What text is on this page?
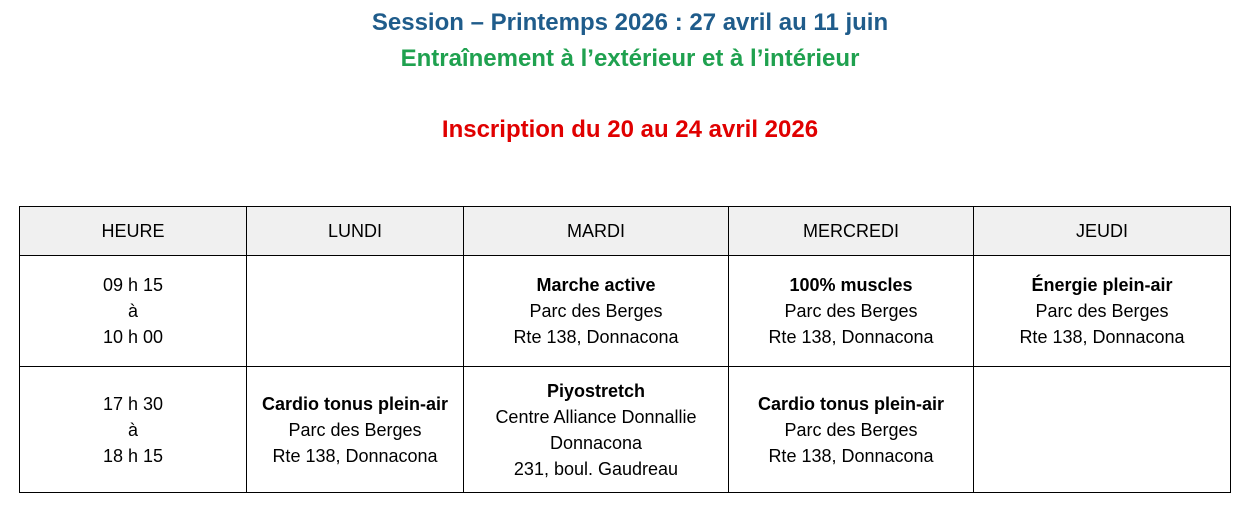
Session – Printemps 2026 : 27 avril au 11 juin
Entraînement à l’extérieur et à l’intérieur
Inscription du 20 au 24 avril 2026
HEURE	LUNDI	MARDI	MERCREDI	JEUDI

09 h 15
à
10 h 00		Marche active
Parc des Berges
Rte 138, Donnacona	100% muscles
Parc des Berges
Rte 138, Donnacona	Énergie plein-air
Parc des Berges
Rte 138, Donnacona

17 h 30
à
18 h 15	Cardio tonus plein-air
Parc des Berges
Rte 138, Donnacona	Piyostretch
Centre Alliance Donnallie
Donnacona
231, boul. Gaudreau	Cardio tonus plein-air
Parc des Berges
Rte 138, Donnacona	
